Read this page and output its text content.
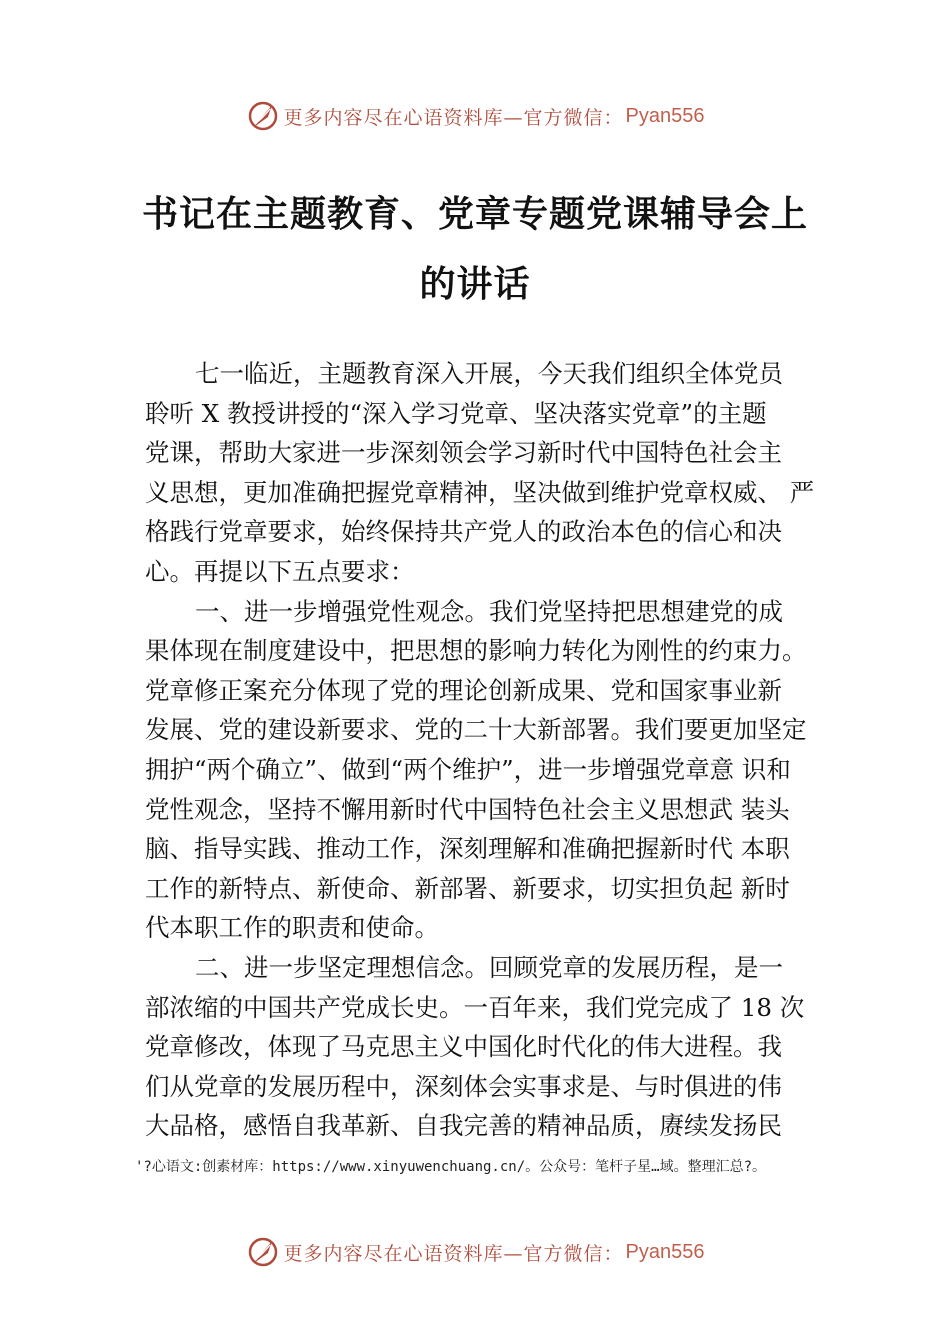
更多内容尽在心语资料库—官方微信： Pyan556
书记在主题教育、党章专题党课辅导会上
的讲话
七一临近，主题教育深入开展，今天我们组织全体党员
聆听 X 教授讲授的“深入学习党章、坚决落实党章”的主题
党课，帮助大家进一步深刻领会学习新时代中国特色社会主
义思想，更加准确把握党章精神，坚决做到维护党章权威、 严
格践行党章要求，始终保持共产党人的政治本色的信心和决
心。再提以下五点要求：
一、进一步增强党性观念。我们党坚持把思想建党的成
果体现在制度建设中，把思想的影响力转化为刚性的约束力。
党章修正案充分体现了党的理论创新成果、党和国家事业新
发展、党的建设新要求、党的二十大新部署。我们要更加坚定
拥护“两个确立”、做到“两个维护”，进一步增强党章意 识和
党性观念，坚持不懈用新时代中国特色社会主义思想武 装头
脑、指导实践、推动工作，深刻理解和准确把握新时代 本职
工作的新特点、新使命、新部署、新要求，切实担负起 新时
代本职工作的职责和使命。
二、进一步坚定理想信念。回顾党章的发展历程，是一
部浓缩的中国共产党成长史。一百年来，我们党完成了 18 次
党章修改，体现了马克思主义中国化时代化的伟大进程。我
们从党章的发展历程中，深刻体会实事求是、与时俱进的伟
大品格，感悟自我革新、自我完善的精神品质，赓续发扬民
'?心语文:创素材库：https://www.xinyuwenchuang.cn/。公众号：笔杆子星…域。整理汇总?。
更多内容尽在心语资料库—官方微信： Pyan556
